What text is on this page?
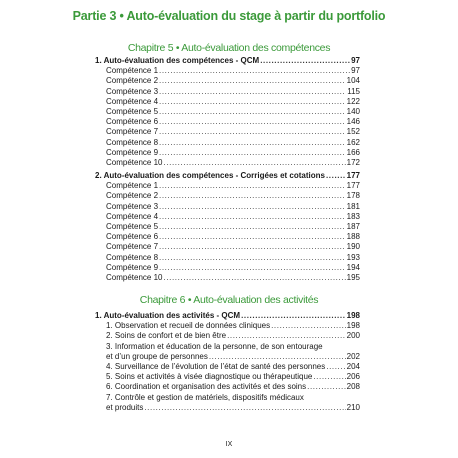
Partie 3 • Auto-évaluation du stage à partir du portfolio
Chapitre 5 • Auto-évaluation des compétences
1. Auto-évaluation des compétences - QCM .....	97
Compétence 1 .....	97
Compétence 2 .....	104
Compétence 3 .....	115
Compétence 4 .....	122
Compétence 5 .....	140
Compétence 6 .....	146
Compétence 7 .....	152
Compétence 8 .....	162
Compétence 9 .....	166
Compétence 10 .....	172
2. Auto-évaluation des compétences - Corrigées et cotations .....	177
Compétence 1 .....	177
Compétence 2 .....	178
Compétence 3 .....	181
Compétence 4 .....	183
Compétence 5 .....	187
Compétence 6 .....	188
Compétence 7 .....	190
Compétence 8 .....	193
Compétence 9 .....	194
Compétence 10 .....	195
Chapitre 6 • Auto-évaluation des activités
1. Auto-évaluation des activités - QCM .....	198
1. Observation et recueil de données cliniques .....	198
2. Soins de confort et de bien être .....	200
3. Information et éducation de la personne, de son entourage
et d’un groupe de personnes .....	202
4. Surveillance de l’évolution de l’état de santé des personnes .....	204
5. Soins et activités à visée diagnostique ou thérapeutique .....	206
6. Coordination et organisation des activités et des soins .....	208
7. Contrôle et gestion de matériels, dispositifs médicaux
et produits .....	210
IX
